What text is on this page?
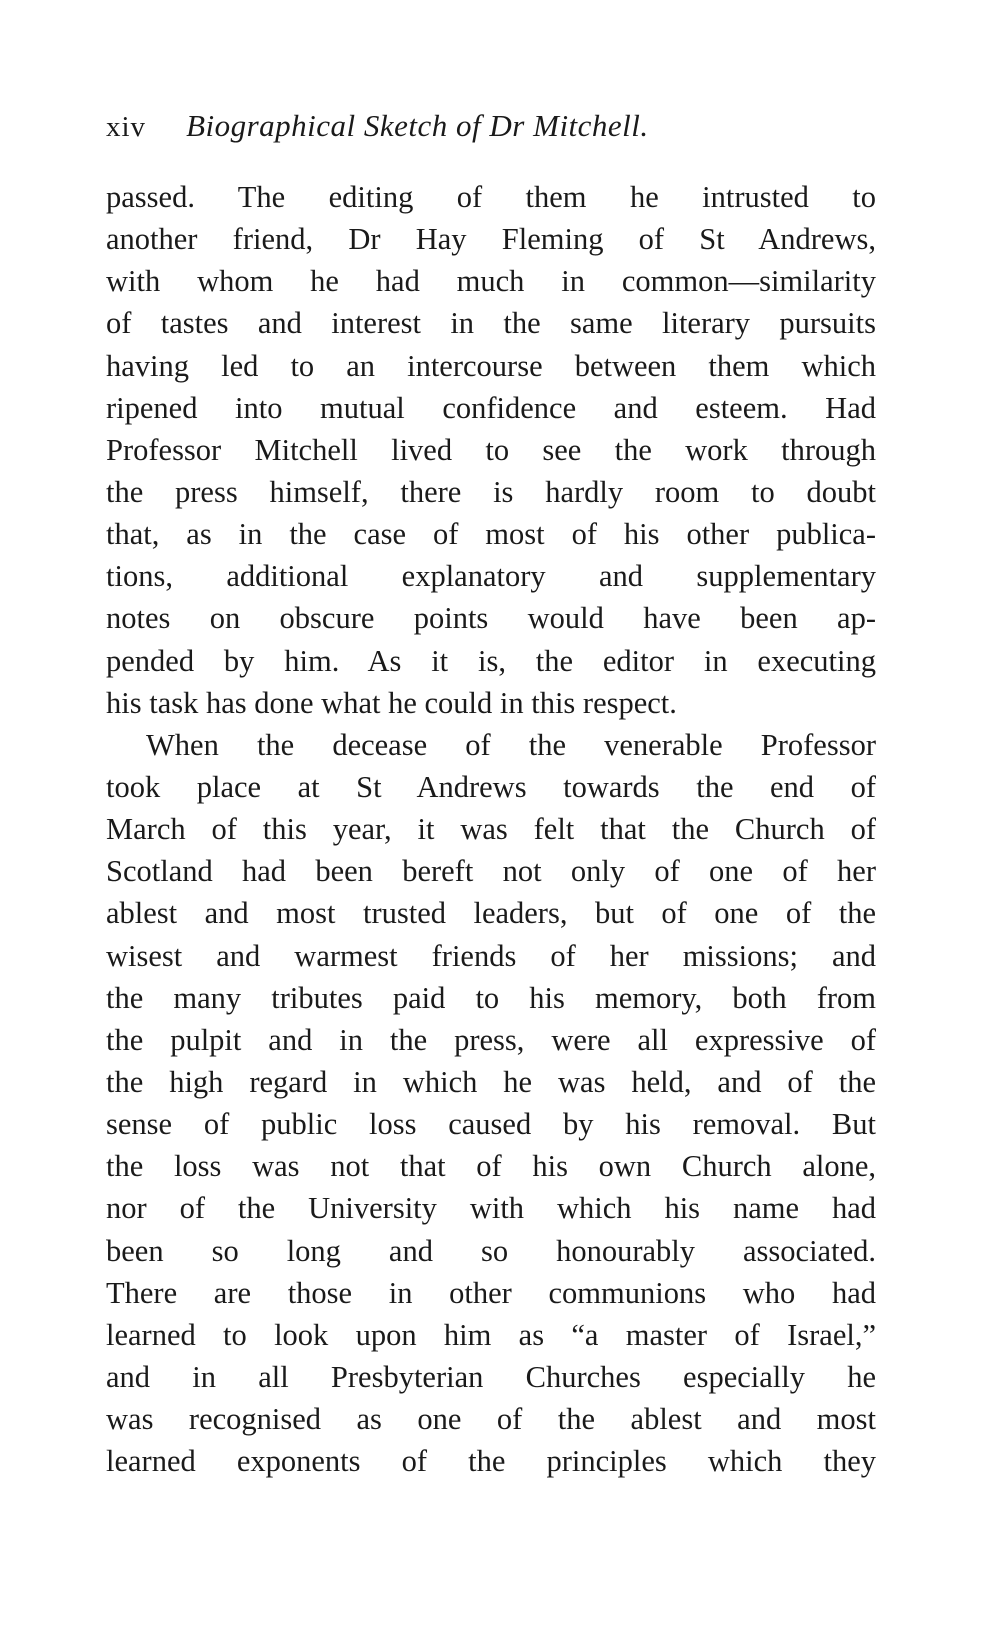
xiv Biographical Sketch of Dr Mitchell.
passed. The editing of them he intrusted to
another friend, Dr Hay Fleming of St Andrews,
with whom he had much in common—similarity
of tastes and interest in the same literary pursuits
having led to an intercourse between them which
ripened into mutual confidence and esteem. Had
Professor Mitchell lived to see the work through
the press himself, there is hardly room to doubt
that, as in the case of most of his other publica-
tions, additional explanatory and supplementary
notes on obscure points would have been ap-
pended by him. As it is, the editor in executing
his task has done what he could in this respect.
When the decease of the venerable Professor
took place at St Andrews towards the end of
March of this year, it was felt that the Church of
Scotland had been bereft not only of one of her
ablest and most trusted leaders, but of one of the
wisest and warmest friends of her missions; and
the many tributes paid to his memory, both from
the pulpit and in the press, were all expressive of
the high regard in which he was held, and of the
sense of public loss caused by his removal. But
the loss was not that of his own Church alone,
nor of the University with which his name had
been so long and so honourably associated.
There are those in other communions who had
learned to look upon him as “a master of Israel,”
and in all Presbyterian Churches especially he
was recognised as one of the ablest and most
learned exponents of the principles which they
